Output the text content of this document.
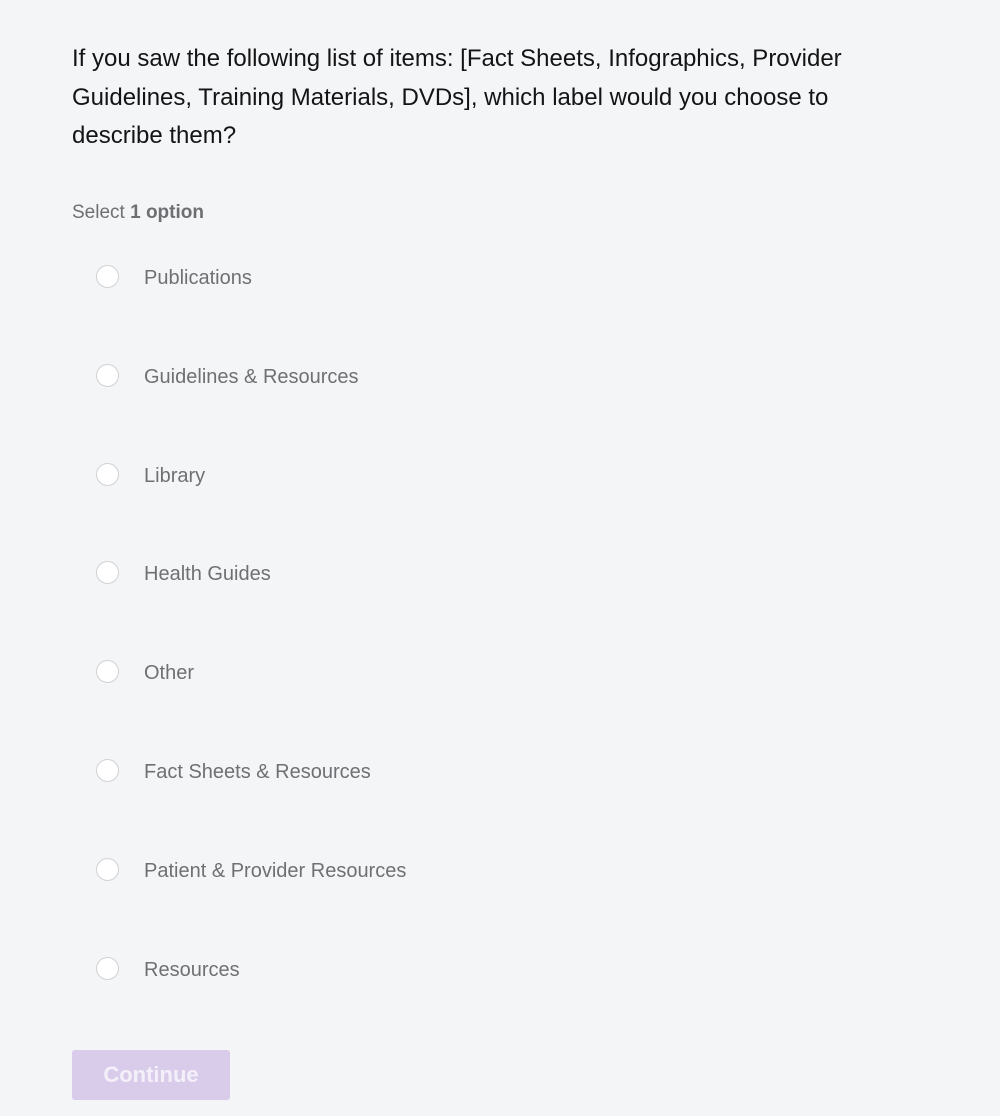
If you saw the following list of items: [Fact Sheets, Infographics, Provider Guidelines, Training Materials, DVDs], which label would you choose to describe them?

Select 1 option
Publications
Guidelines & Resources
Library
Health Guides
Other
Fact Sheets & Resources
Patient & Provider Resources
Resources
Continue
